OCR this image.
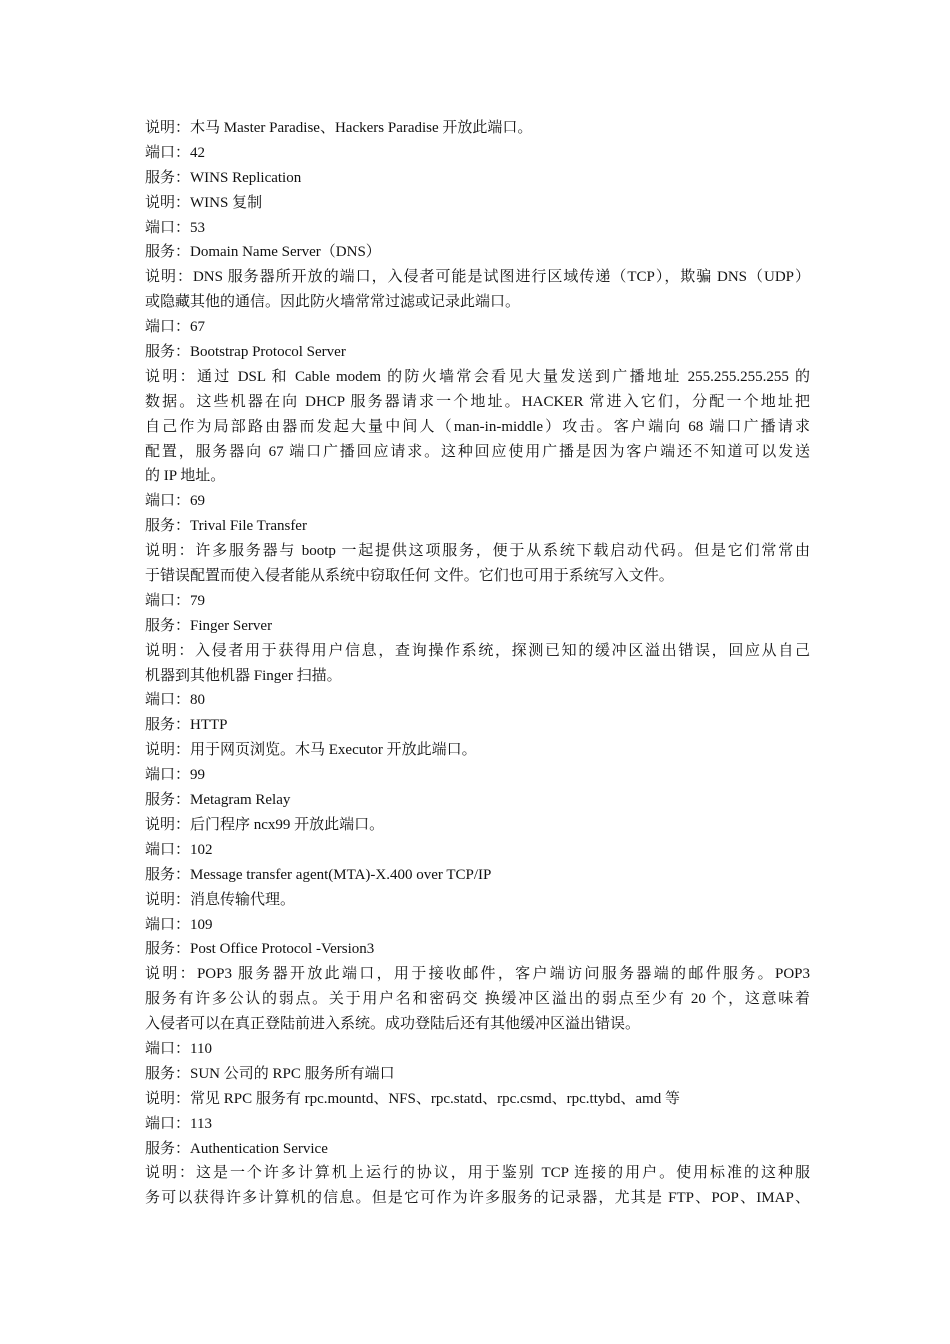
说明：木马 Master Paradise、Hackers Paradise 开放此端口。
端口：42
服务：WINS Replication
说明：WINS 复制
端口：53
服务：Domain Name Server（DNS）
说明：DNS 服务器所开放的端口，入侵者可能是试图进行区域传递（TCP），欺骗 DNS（UDP）
或隐藏其他的通信。因此防火墙常常过滤或记录此端口。
端口：67
服务：Bootstrap Protocol Server
说明：通过 DSL 和 Cable modem 的防火墙常会看见大量发送到广播地址 255.255.255.255 的
数据。这些机器在向 DHCP 服务器请求一个地址。HACKER 常进入它们，分配一个地址把
自己作为局部路由器而发起大量中间人（man-in-middle）攻击。客户端向 68 端口广播请求
配置，服务器向 67 端口广播回应请求。这种回应使用广播是因为客户端还不知道可以发送
的 IP 地址。
端口：69
服务：Trival File Transfer
说明：许多服务器与 bootp 一起提供这项服务，便于从系统下载启动代码。但是它们常常由
于错误配置而使入侵者能从系统中窃取任何 文件。它们也可用于系统写入文件。
端口：79
服务：Finger Server
说明：入侵者用于获得用户信息，查询操作系统，探测已知的缓冲区溢出错误，回应从自己
机器到其他机器 Finger 扫描。
端口：80
服务：HTTP
说明：用于网页浏览。木马 Executor 开放此端口。
端口：99
服务：Metagram Relay
说明：后门程序 ncx99 开放此端口。
端口：102
服务：Message transfer agent(MTA)-X.400 over TCP/IP
说明：消息传输代理。
端口：109
服务：Post Office Protocol -Version3
说明：POP3 服务器开放此端口，用于接收邮件，客户端访问服务器端的邮件服务。POP3
服务有许多公认的弱点。关于用户名和密码交 换缓冲区溢出的弱点至少有 20 个，这意味着
入侵者可以在真正登陆前进入系统。成功登陆后还有其他缓冲区溢出错误。
端口：110
服务：SUN 公司的 RPC 服务所有端口
说明：常见 RPC 服务有 rpc.mountd、NFS、rpc.statd、rpc.csmd、rpc.ttybd、amd 等
端口：113
服务：Authentication Service
说明：这是一个许多计算机上运行的协议，用于鉴别 TCP 连接的用户。使用标准的这种服
务可以获得许多计算机的信息。但是它可作为许多服务的记录器，尤其是 FTP、POP、IMAP、
